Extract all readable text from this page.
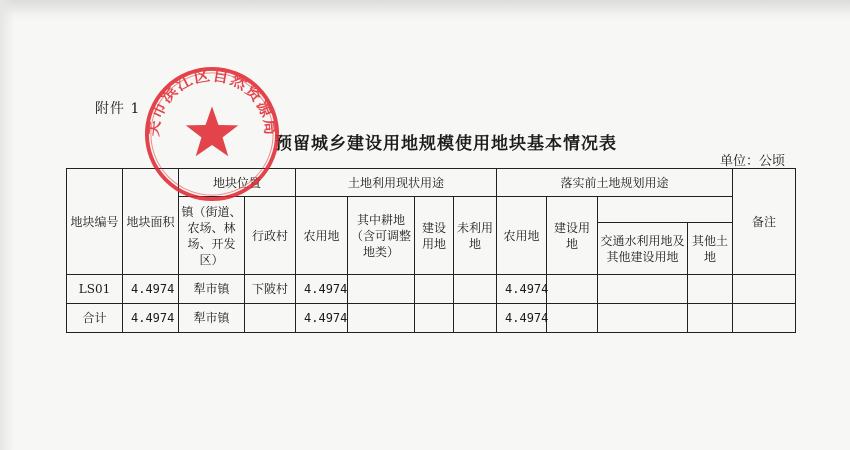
附件 1
预留城乡建设用地规模使用地块基本情况表
单位：公顷
地块编号	地块面积	地块位置		土地利用现状用途				落实前土地规划用途				备注
		镇（街道、农场、林场、开发区）	行政村	农用地	其中耕地（含可调整地类）	建设用地	未利用地	农用地	建设用地			
										交通水利用地及其他建设用地	其他土地	
LS01	4.4974	犁市镇	下陂村	4.4974				4.4974				
合计	4.4974	犁市镇		4.4974				4.4974				
关市滨江区自然资源局
